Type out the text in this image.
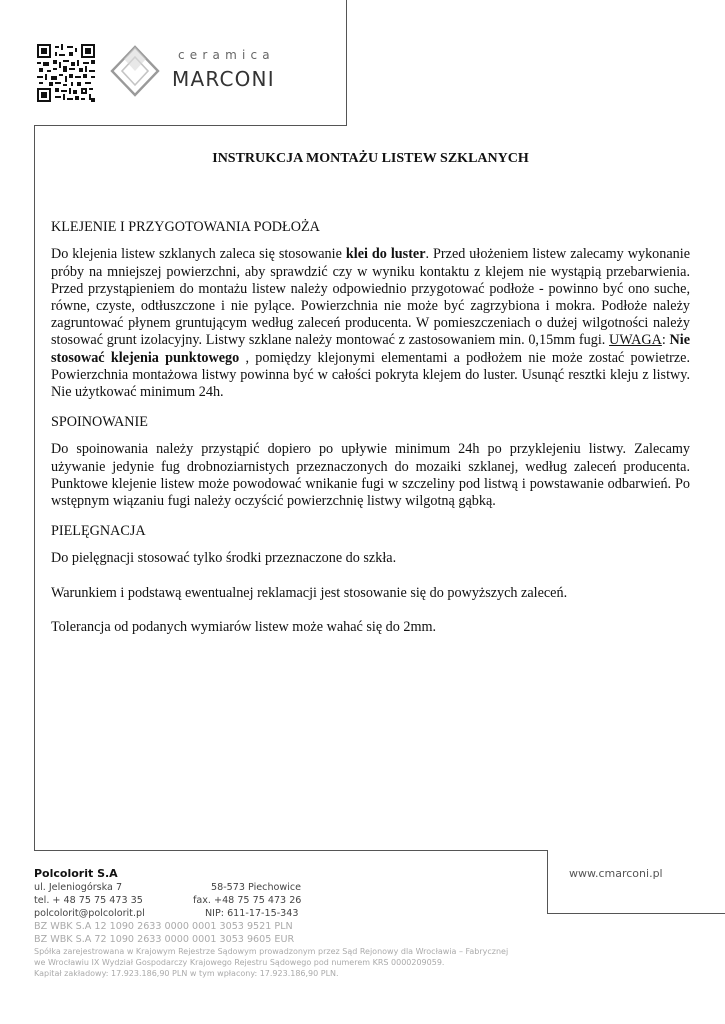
ceramica
MARCONI
INSTRUKCJA MONTAŻU LISTEW SZKLANYCH
KLEJENIE I PRZYGOTOWANIA PODŁOŻA
Do klejenia listew szklanych zaleca się stosowanie klei do luster. Przed ułożeniem listew zalecamy wykonanie próby na mniejszej powierzchni, aby sprawdzić czy w wyniku kontaktu z klejem nie wystąpią przebarwienia. Przed przystąpieniem do montażu listew należy odpowiednio przygotować podłoże - powinno być ono suche, równe, czyste, odtłuszczone i nie pylące. Powierzchnia nie może być zagrzybiona i mokra. Podłoże należy zagruntować płynem gruntującym według zaleceń producenta. W pomieszczeniach o dużej wilgotności należy stosować grunt izolacyjny. Listwy szklane należy montować z zastosowaniem min. 0,15mm fugi. UWAGA: Nie stosować klejenia punktowego , pomiędzy klejonymi elementami a podłożem nie może zostać powietrze. Powierzchnia montażowa listwy powinna być w całości pokryta klejem do luster. Usunąć resztki kleju z listwy. Nie użytkować minimum 24h.
SPOINOWANIE
Do spoinowania należy przystąpić dopiero po upływie minimum 24h po przyklejeniu listwy. Zalecamy używanie jedynie fug drobnoziarnistych przeznaczonych do mozaiki szklanej, według zaleceń producenta. Punktowe klejenie listew może powodować wnikanie fugi w szczeliny pod listwą i powstawanie odbarwień. Po wstępnym wiązaniu fugi należy oczyścić powierzchnię listwy wilgotną gąbką.
PIELĘGNACJA
Do pielęgnacji stosować tylko środki przeznaczone do szkła.
Warunkiem i podstawą ewentualnej reklamacji jest stosowanie się do powyższych zaleceń.
Tolerancja od podanych wymiarów listew może wahać się do 2mm.
Polcolorit S.A	www.cmarconi.pl
ul. Jeleniogórska 7	58-573 Piechowice
tel. + 48 75 75 473 35	fax. +48 75 75 473 26
polcolorit@polcolorit.pl	NIP: 611-17-15-343
BZ WBK S.A 12 1090 2633 0000 0001 3053 9521 PLN
BZ WBK S.A 72 1090 2633 0000 0001 3053 9605 EUR
Spółka zarejestrowana w Krajowym Rejestrze Sądowym prowadzonym przez Sąd Rejonowy dla Wrocławia – Fabrycznej
we Wrocławiu IX Wydział Gospodarczy Krajowego Rejestru Sądowego pod numerem KRS 0000209059.
Kapitał zakładowy: 17.923.186,90 PLN w tym wpłacony: 17.923.186,90 PLN.
